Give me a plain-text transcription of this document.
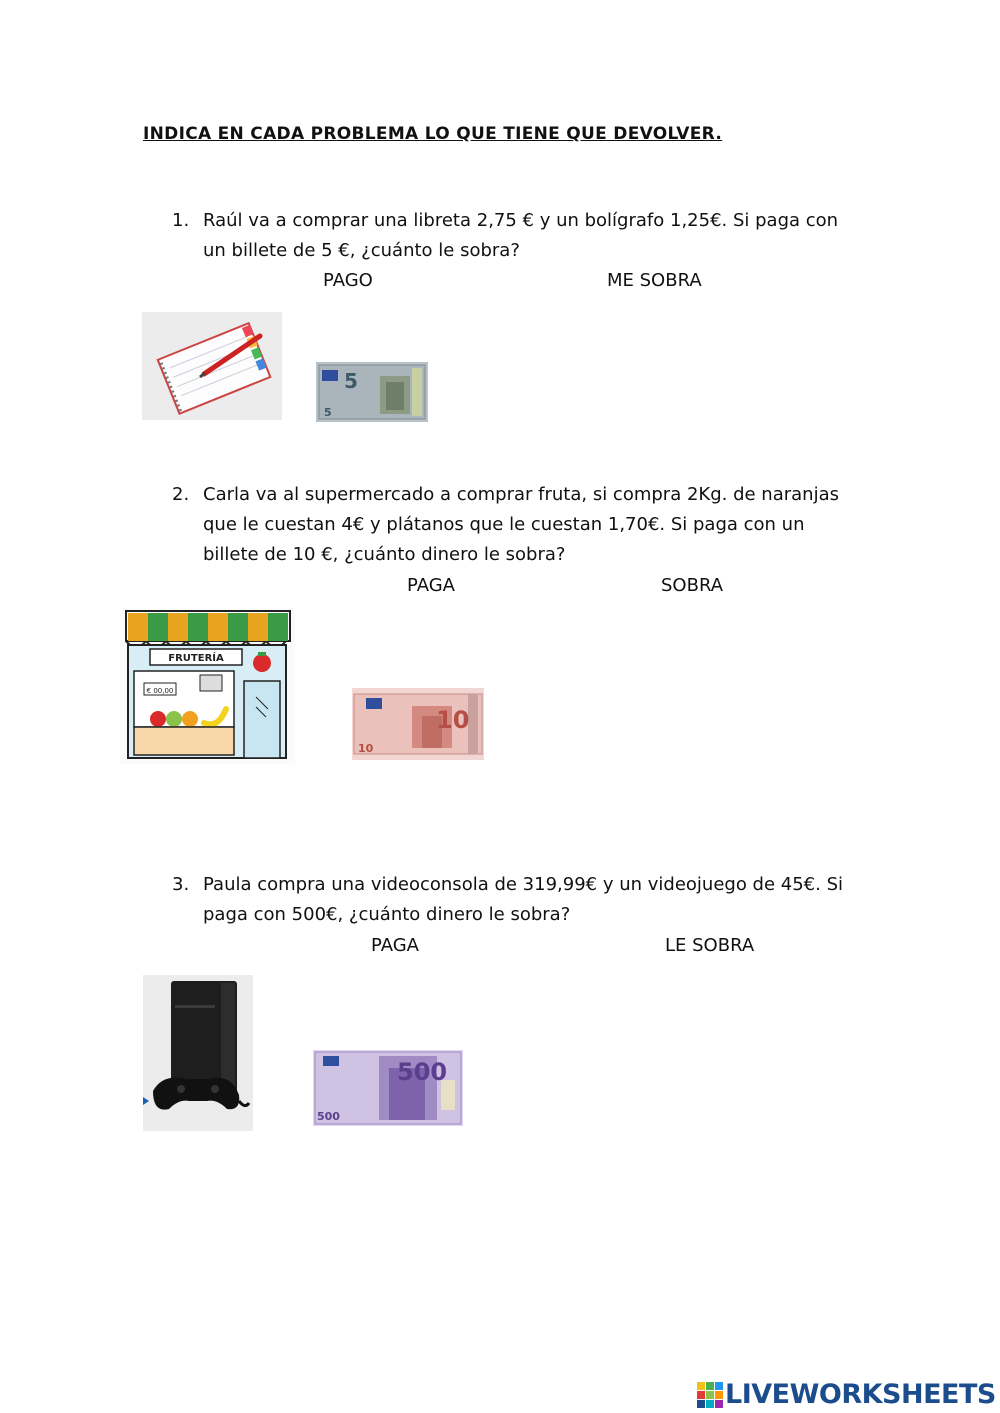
INDICA EN CADA PROBLEMA LO QUE TIENE QUE DEVOLVER.
1. Raúl va a comprar una libreta 2,75 € y un bolígrafo 1,25€. Si paga con
un billete de 5 €, ¿cuánto le sobra?
PAGO	ME SOBRA
5
5
2. Carla va al supermercado a comprar fruta, si compra 2Kg. de naranjas
que le cuestan 4€ y plátanos que le cuestan 1,70€. Si paga con un
billete de 10 €, ¿cuánto dinero le sobra?
PAGA	SOBRA
FRUTERÍA
€ 00,00
10
10
3. Paula compra una videoconsola de 319,99€ y un videojuego de 45€. Si
paga con 500€, ¿cuánto dinero le sobra?
PAGA	LE SOBRA
500
500
LIVEWORKSHEETS
